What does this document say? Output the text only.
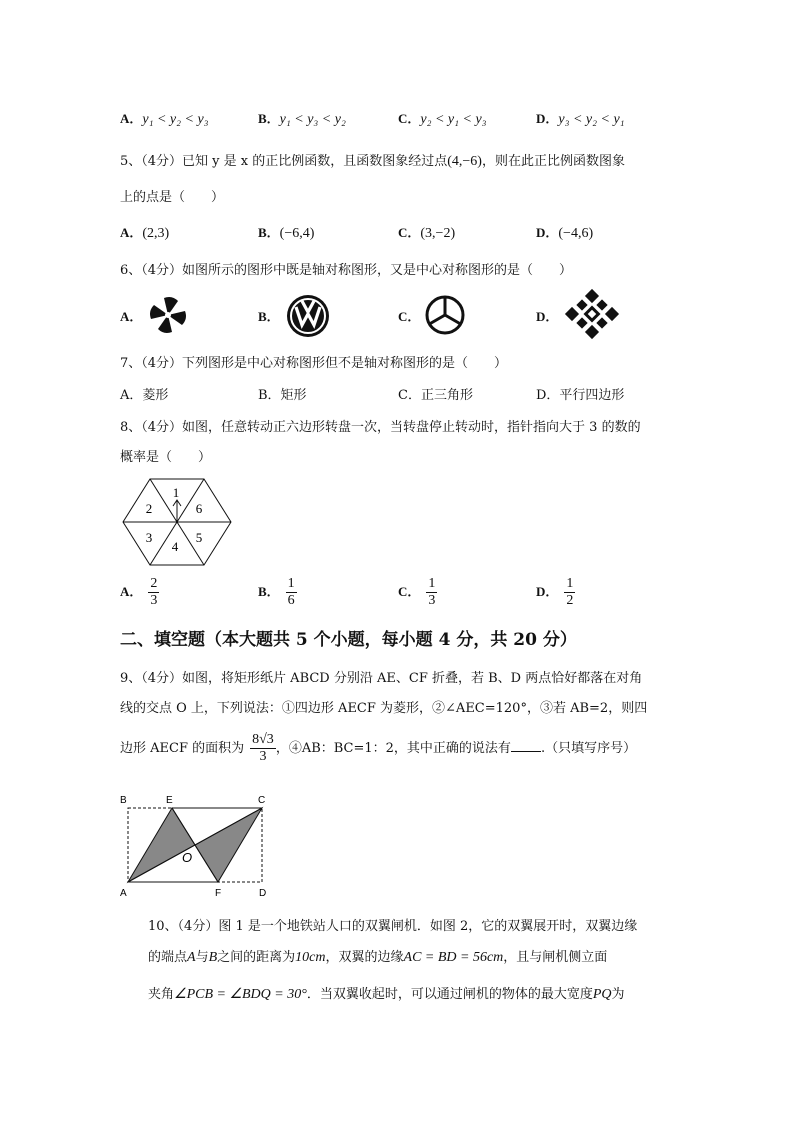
A．y₁ < y₂ < y₃	B．y₁ < y₃ < y₂	C．y₂ < y₁ < y₃	D．y₃ < y₂ < y₁
5、（4分）已知 y 是 x 的正比例函数，且函数图象经过点(4,−6)，则在此正比例函数图象
上的点是（　　）
A．(2,3)	B．(−6,4)	C．(3,−2)	D．(−4,6)
6、（4分）如图所示的图形中既是轴对称图形，又是中心对称图形的是（　　）
A．	B．	C．	D．
7、（4分）下列图形是中心对称图形但不是轴对称图形的是（　　）
A．菱形	B．矩形	C．正三角形	D．平行四边形
8、（4分）如图，任意转动正六边形转盘一次，当转盘停止转动时，指针指向大于 3 的数的
概率是（　　）
1
6
5
4
3
2
A． $\frac{2}{3}$	B． $\frac{1}{6}$	C． $\frac{1}{3}$	D． $\frac{1}{2}$
二、填空题（本大题共 5 个小题，每小题 4 分，共 20 分）
9、（4分）如图，将矩形纸片 ABCD 分别沿 AE、CF 折叠，若 B、D 两点恰好都落在对角
线的交点 O 上，下列说法：①四边形 AECF 为菱形，②∠AEC=120°，③若 AB=2，则四
边形 AECF 的面积为 $\frac{8√3}{3}$ ，④AB：BC=1：2，其中正确的说法有 .（只填写序号）
B	E	C
A	F	D
O
10、（4分）图 1 是一个地铁站人口的双翼闸机．如图 2，它的双翼展开时，双翼边缘
的端点A与B之间的距离为10cm，双翼的边缘AC = BD = 56cm，且与闸机侧立面
夹角∠PCB = ∠BDQ = 30°．当双翼收起时，可以通过闸机的物体的最大宽度PQ为
